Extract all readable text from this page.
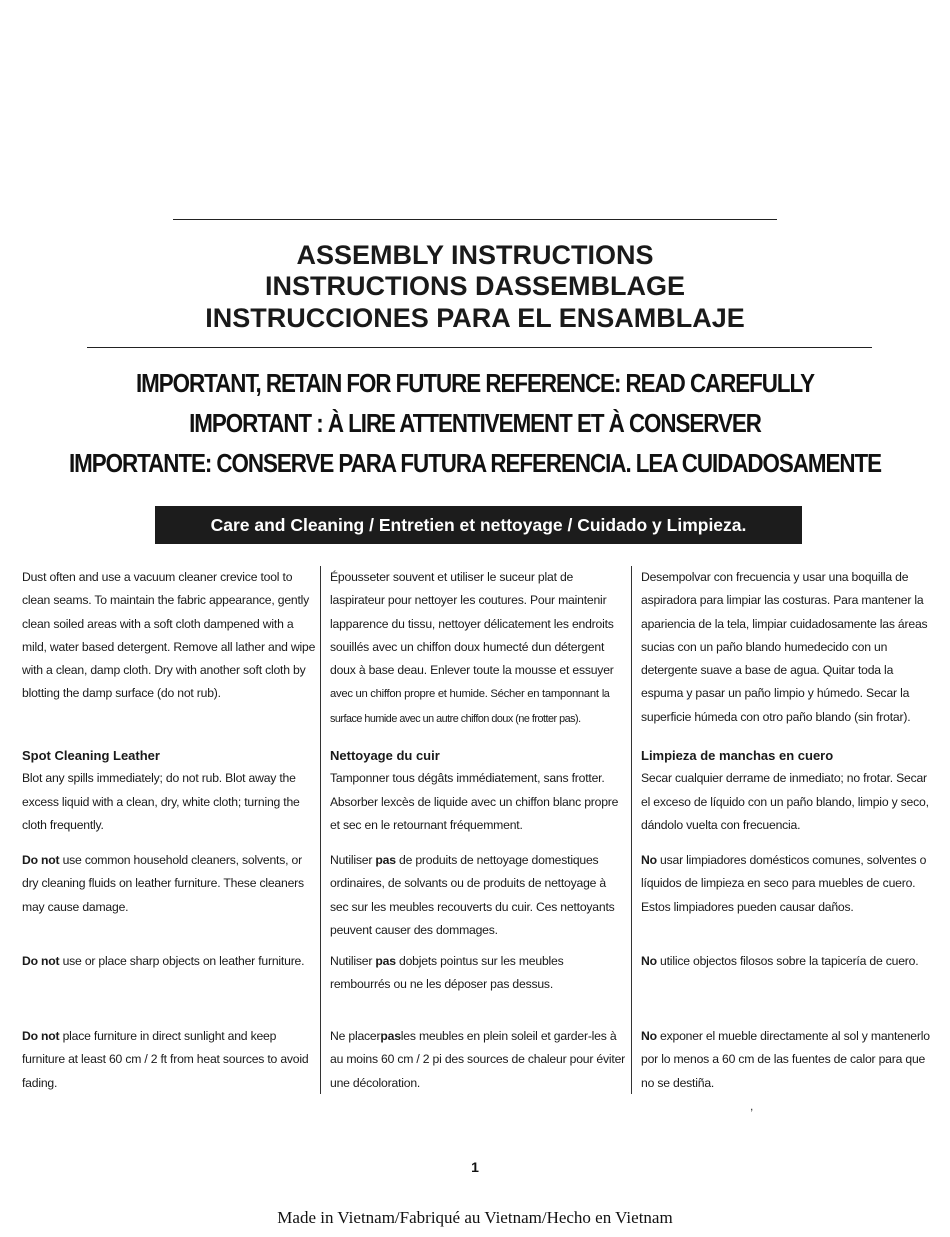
ASSEMBLY INSTRUCTIONS
INSTRUCTIONS DASSEMBLAGE
INSTRUCCIONES PARA EL ENSAMBLAJE
IMPORTANT, RETAIN FOR FUTURE REFERENCE: READ CAREFULLY
IMPORTANT : À LIRE ATTENTIVEMENT ET À CONSERVER
IMPORTANTE: CONSERVE PARA FUTURA REFERENCIA. LEA CUIDADOSAMENTE
Care and Cleaning / Entretien et nettoyage / Cuidado y Limpieza.

Dust often and use a vacuum cleaner crevice tool to clean seams. To maintain the fabric appearance, gently clean soiled areas with a soft cloth dampened with a mild, water based detergent. Remove all lather and wipe with a clean, damp cloth. Dry with another soft cloth by blotting the damp surface (do not rub).

Spot Cleaning Leather

Blot any spills immediately; do not rub. Blot away the excess liquid with a clean, dry, white cloth; turning the cloth frequently.

Do not use common household cleaners, solvents, or dry cleaning fluids on leather furniture. These cleaners may cause damage.

Do not use or place sharp objects on leather furniture.

Do not place furniture in direct sunlight and keep furniture at least 60 cm / 2 ft from heat sources to avoid fading.

Épousseter souvent et utiliser le suceur plat de laspirateur pour nettoyer les coutures. Pour maintenir lapparence du tissu, nettoyer délicatement les endroits souillés avec un chiffon doux humecté dun détergent doux à base deau. Enlever toute la mousse et essuyer avec un chiffon propre et humide. Sécher en tamponnant la surface humide avec un autre chiffon doux (ne frotter pas).

Nettoyage du cuir

Tamponner tous dégâts immédiatement, sans frotter. Absorber lexcès de liquide avec un chiffon blanc propre et sec en le retournant fréquemment.

Nutiliser pas de produits de nettoyage domestiques ordinaires, de solvants ou de produits de nettoyage à sec sur les meubles recouverts du cuir. Ces nettoyants peuvent causer des dommages.

Nutiliser pas dobjets pointus sur les meubles rembourrés ou ne les déposer pas dessus.

Ne placerpasles meubles en plein soleil et garder-les à au moins 60 cm / 2 pi des sources de chaleur pour éviter une décoloration.

Desempolvar con frecuencia y usar una boquilla de aspiradora para limpiar las costuras. Para mantener la apariencia de la tela, limpiar cuidadosamente las áreas sucias con un paño blando humedecido con un detergente suave a base de agua. Quitar toda la espuma y pasar un paño limpio y húmedo. Secar la superficie húmeda con otro paño blando (sin frotar).

Limpieza de manchas en cuero

Secar cualquier derrame de inmediato; no frotar. Secar el exceso de líquido con un paño blando, limpio y seco, dándolo vuelta con frecuencia.

No usar limpiadores domésticos comunes, solventes o líquidos de limpieza en seco para muebles de cuero. Estos limpiadores pueden causar daños.

No utilice objectos filosos sobre la tapicería de cuero.

No exponer el mueble directamente al sol y mantenerlo por lo menos a 60 cm de las fuentes de calor para que no se destiña.

,
1
Made in Vietnam/Fabriqué au Vietnam/Hecho en Vietnam
